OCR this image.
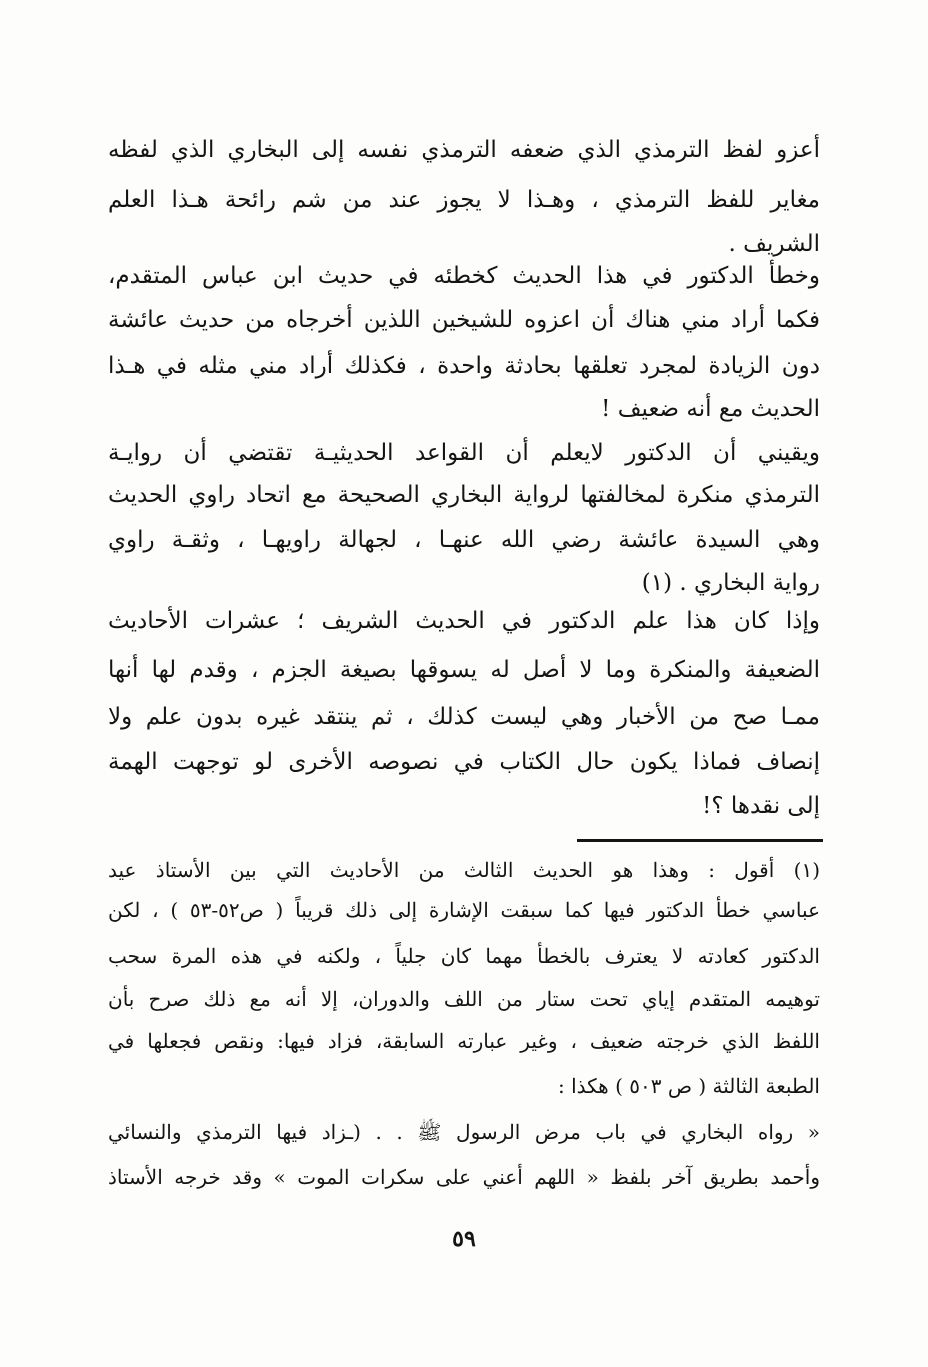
أعزو لفظ الترمذي الذي ضعفه الترمذي نفسه إلى البخاري الذي لفظه
مغاير للفظ الترمذي ، وهـذا لا يجوز عند من شم رائحة هـذا العلم
الشريف .
وخطأ الدكتور في هذا الحديث كخطئه في حديث ابن عباس المتقدم،
فكما أراد مني هناك أن اعزوه للشيخين اللذين أخرجاه من حديث عائشة
دون الزيادة لمجرد تعلقها بحادثة واحدة ، فكذلك أراد مني مثله في هـذا
الحديث مع أنه ضعيف !
ويقيني أن الدكتور لايعلم أن القواعد الحديثيـة تقتضي أن روايـة
الترمذي منكرة لمخالفتها لرواية البخاري الصحيحة مع اتحاد راوي الحديث
وهي السيدة عائشة رضي الله عنهـا ، لجهالة راويهـا ، وثقـة راوي
رواية البخاري . (١)
وإذا كان هذا علم الدكتور في الحديث الشريف ؛ عشرات الأحاديث
الضعيفة والمنكرة وما لا أصل له يسوقها بصيغة الجزم ، وقدم لها أنها
ممـا صح من الأخبار وهي ليست كذلك ، ثم ينتقد غيره بدون علم ولا
إنصاف فماذا يكون حال الكتاب في نصوصه الأخرى لو توجهت الهمة
إلى نقدها ؟!
(١) أقول : وهذا هو الحديث الثالث من الأحاديث التي بين الأستاذ عيد
عباسي خطأ الدكتور فيها كما سبقت الإشارة إلى ذلك قريباً ( ص٥٢-٥٣ ) ، لكن
الدكتور كعادته لا يعترف بالخطأ مهما كان جلياً ، ولكنه في هذه المرة سحب
توهيمه المتقدم إياي تحت ستار من اللف والدوران، إلا أنه مع ذلك صرح بأن
اللفظ الذي خرجته ضعيف ، وغير عبارته السابقة، فزاد فيها: ونقص فجعلها في
الطبعة الثالثة ( ص ٥٠٣ ) هكذا :
« رواه البخاري في باب مرض الرسول ﷺ . . (ـزاد فيها الترمذي والنسائي
وأحمد بطريق آخر بلفظ « اللهم أعني على سكرات الموت » وقد خرجه الأستاذ
٥٩
